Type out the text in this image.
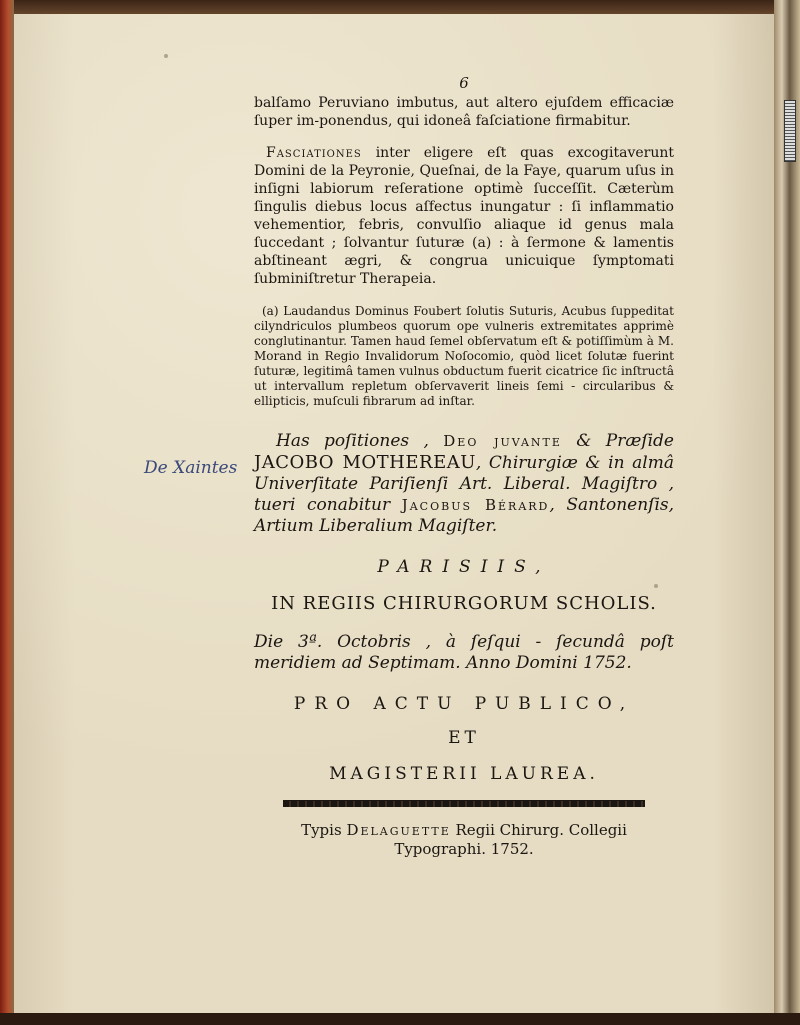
De Xaintes
6

balſamo Peruviano imbutus, aut altero ejuſdem efficaciæ ſuper im-ponendus, qui idoneâ faſciatione firmabitur.

Fasciationes inter eligere eſt quas excogitaverunt Domini de la Peyronie, Queſnai, de la Faye, quarum uſus in inſigni labiorum reſeratione optimè ſucceſſit. Cæterùm ſingulis diebus locus aſfectus inungatur : ſi inflammatio vehementior, febris, convulſio aliaque id genus mala ſuccedant ; ſolvantur ſuturæ (a) : à ſermone & lamentis abſtineant ægri, & congrua unicuique ſymptomati ſubminiſtretur Therapeia.

(a) Laudandus Dominus Foubert ſolutis Suturis, Acubus ſuppeditat cilyndriculos plumbeos quorum ope vulneris extremitates apprimè conglutinantur. Tamen haud ſemel obſervatum eſt & potiſſimùm à M. Morand in Regio Invalidorum Noſocomio, quòd licet ſolutæ fuerint ſuturæ, legitimâ tamen vulnus obductum fuerit cicatrice ſic inſtructâ ut intervallum repletum obſervaverit lineis ſemi - circularibus & ellipticis, muſculi fibrarum ad inſtar.

Has poſitiones , Deo juvante & Præſide JACOBO MOTHEREAU, Chirurgiæ & in almâ Univerſitate Pariſienſi Art. Liberal. Magiſtro , tueri conabitur Jacobus Bérard, Santonenſis, Artium Liberalium Magiſter.

PARISIIS,

IN REGIIS CHIRURGORUM SCHOLIS.

Die 3ª. Octobris , à ſeſqui - ſecundâ poſt meridiem ad Septimam. Anno Domini 1752.

PRO ACTU PUBLICO,

ET

MAGISTERII LAUREA.

Typis Delaguette Regii Chirurg. Collegii
Typographi. 1752.
